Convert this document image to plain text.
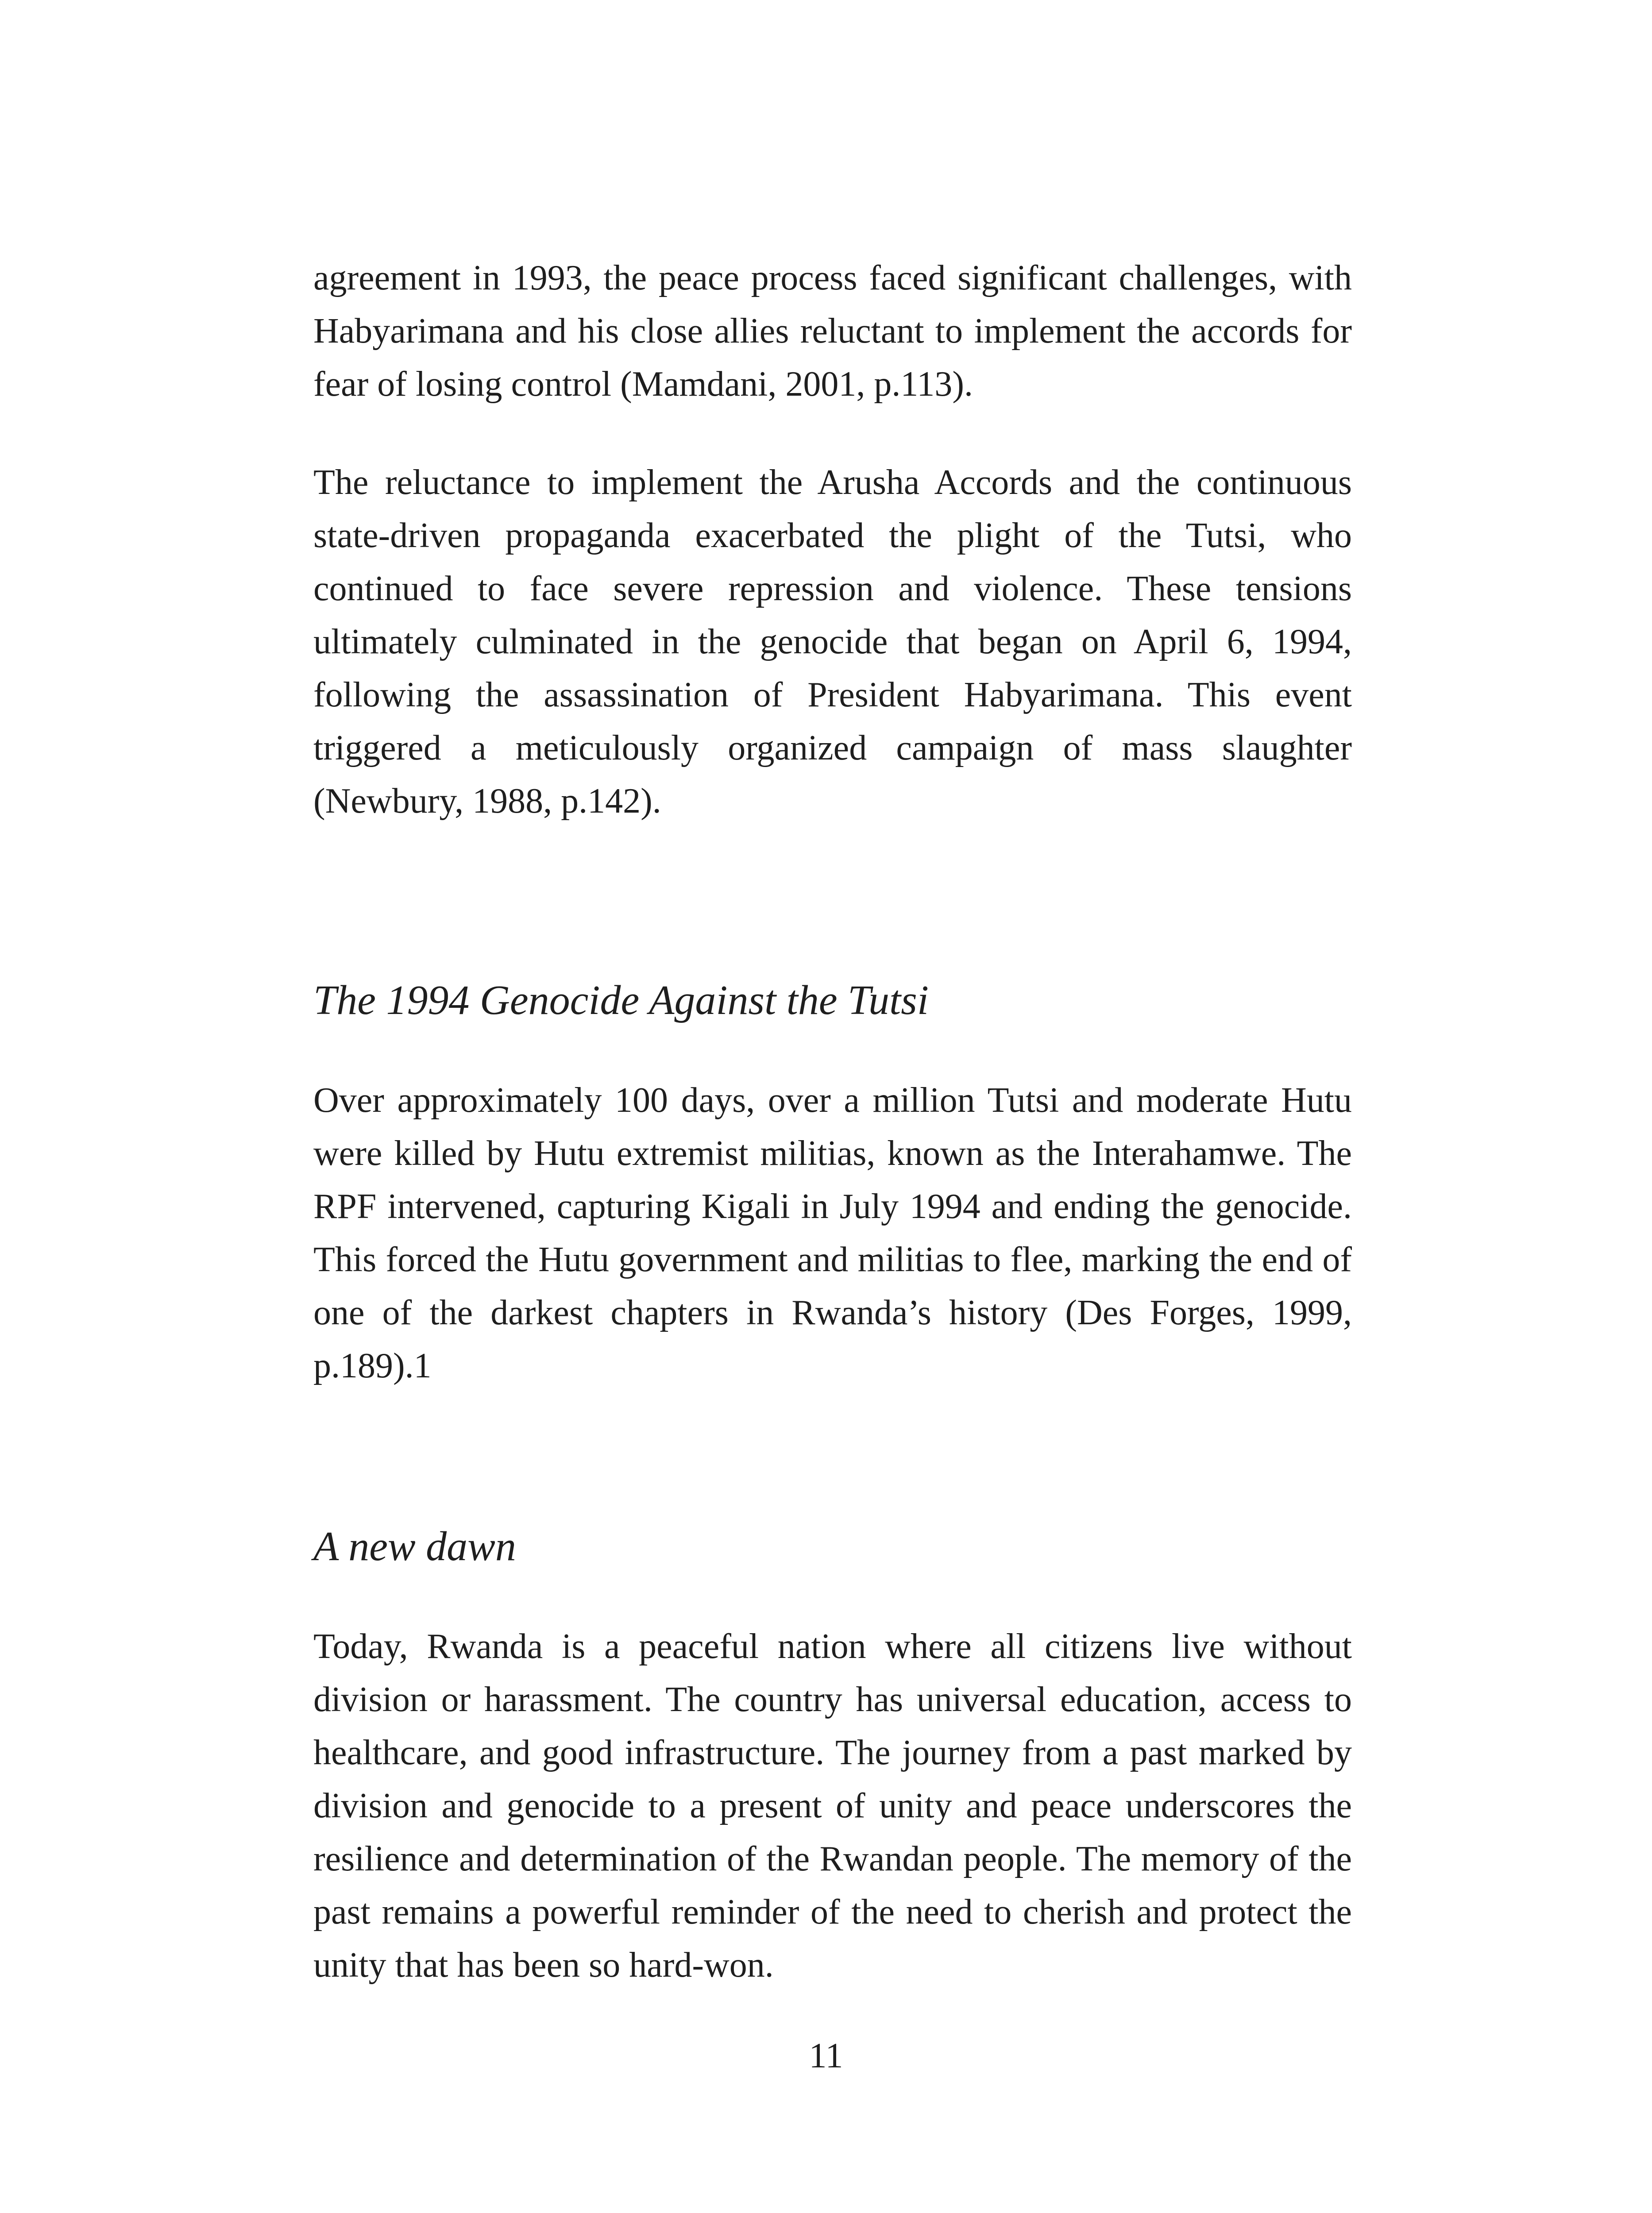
agreement in 1993, the peace process faced significant challenges, with Habyarimana and his close allies reluctant to implement the accords for fear of losing control (Mamdani, 2001, p.113).

The reluctance to implement the Arusha Accords and the continuous state-driven propaganda exacerbated the plight of the Tutsi, who continued to face severe repression and violence. These tensions ultimately culminated in the genocide that began on April 6, 1994, following the assassination of President Habyarimana. This event triggered a meticulously organized campaign of mass slaughter (Newbury, 1988, p.142).

The 1994 Genocide Against the Tutsi

Over approximately 100 days, over a million Tutsi and moderate Hutu were killed by Hutu extremist militias, known as the Interahamwe. The RPF intervened, capturing Kigali in July 1994 and ending the genocide. This forced the Hutu government and militias to flee, marking the end of one of the darkest chapters in Rwanda’s history (Des Forges, 1999, p.189).1

A new dawn

Today, Rwanda is a peaceful nation where all citizens live without division or harassment. The country has universal education, access to healthcare, and good infrastructure. The journey from a past marked by division and genocide to a present of unity and peace underscores the resilience and determination of the Rwandan people. The memory of the past remains a powerful reminder of the need to cherish and protect the unity that has been so hard-won.

11
